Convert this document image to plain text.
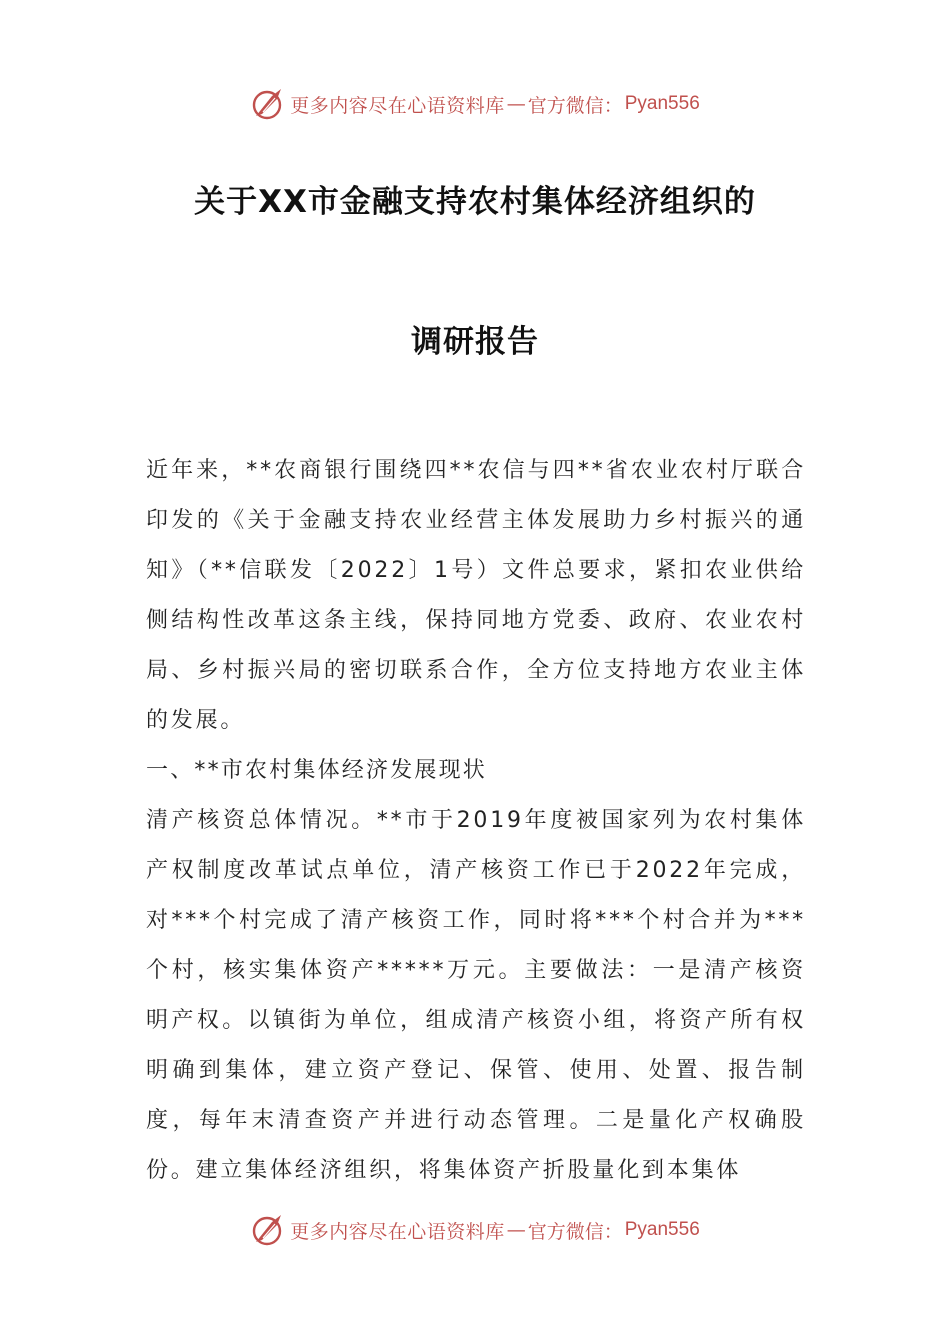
更多内容尽在心语资料库 — 官方微信： Pyan556
关于XX市金融支持农村集体经济组织的
调研报告

近年来，**农商银行围绕四**农信与四**省农业农村厅联合印发的《关于金融支持农业经营主体发展助力乡村振兴的通知》（**信联发〔2022〕1号）文件总要求，紧扣农业供给侧结构性改革这条主线，保持同地方党委、政府、农业农村局、乡村振兴局的密切联系合作，全方位支持地方农业主体的发展。

一、**市农村集体经济发展现状

清产核资总体情况。**市于2019年度被国家列为农村集体产权制度改革试点单位，清产核资工作已于2022年完成，对***个村完成了清产核资工作，同时将***个村合并为***个村，核实集体资产*****万元。主要做法：一是清产核资明产权。以镇街为单位，组成清产核资小组，将资产所有权明确到集体，建立资产登记、保管、使用、处置、报告制度，每年末清查资产并进行动态管理。二是量化产权确股份。建立集体经济组织，将集体资产折股量化到本集体

更多内容尽在心语资料库 — 官方微信： Pyan556
